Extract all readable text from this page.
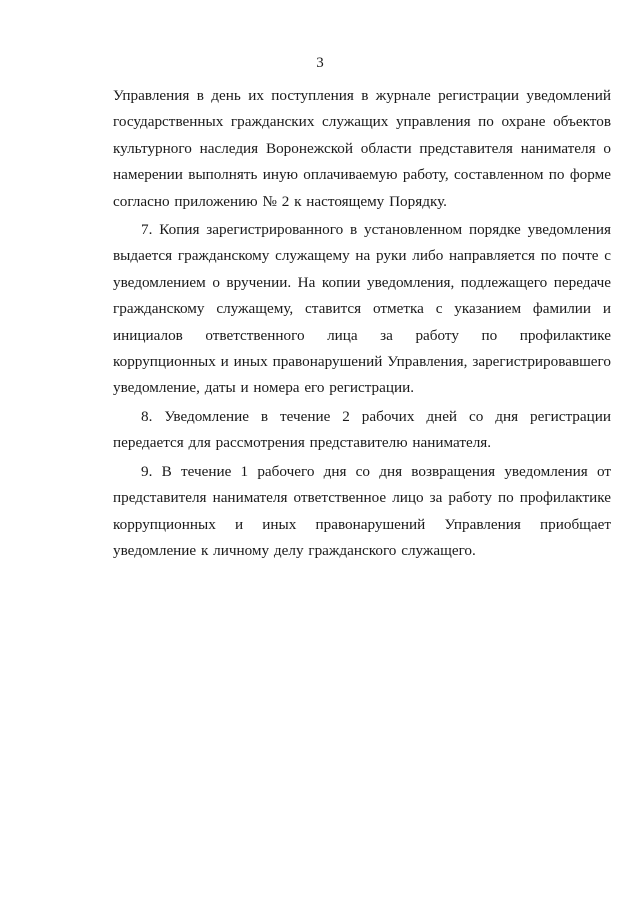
3

Управления в день их поступления в журнале регистрации уведомлений государственных гражданских служащих управления по охране объектов культурного наследия Воронежской области представителя нанимателя о намерении выполнять иную оплачиваемую работу, составленном по форме согласно приложению № 2 к настоящему Порядку.

7. Копия зарегистрированного в установленном порядке уведомления выдается гражданскому служащему на руки либо направляется по почте с уведомлением о вручении. На копии уведомления, подлежащего передаче гражданскому служащему, ставится отметка с указанием фамилии и инициалов ответственного лица за работу по профилактике коррупционных и иных правонарушений Управления, зарегистрировавшего уведомление, даты и номера его регистрации.

8. Уведомление в течение 2 рабочих дней со дня регистрации передается для рассмотрения представителю нанимателя.

9. В течение 1 рабочего дня со дня возвращения уведомления от представителя нанимателя ответственное лицо за работу по профилактике коррупционных и иных правонарушений Управления приобщает уведомление к личному делу гражданского служащего.
